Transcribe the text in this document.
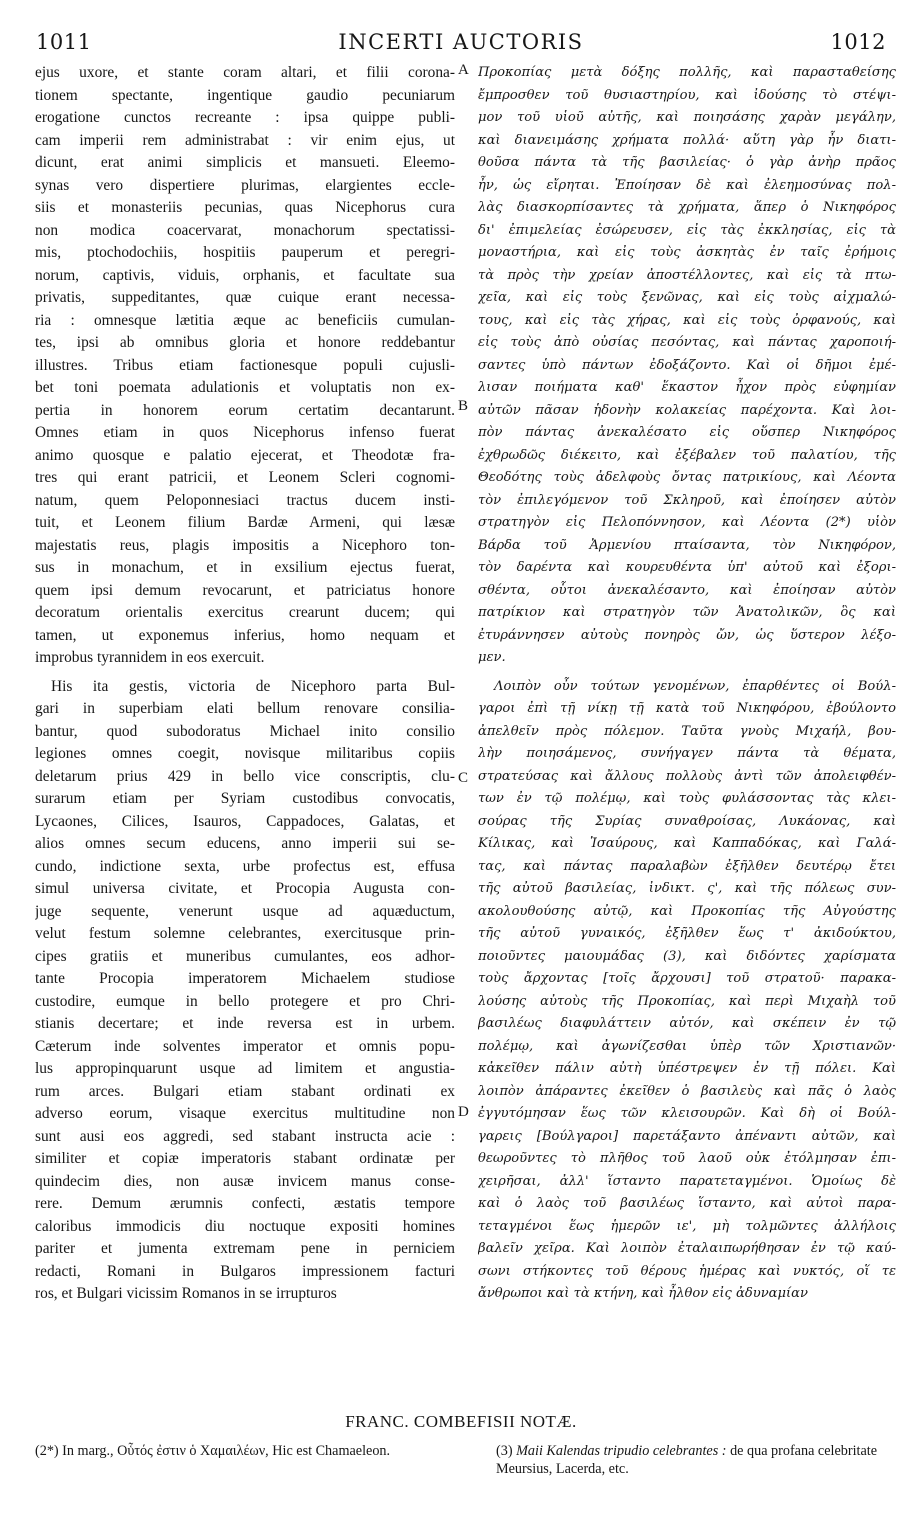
1011	INCERTI AUCTORIS	1012
ejus uxore, et stante coram altari, et filii corona-
tionem spectante, ingentique gaudio pecuniarum
erogatione cunctos recreante : ipsa quippe publi-
cam imperii rem administrabat : vir enim ejus, ut
dicunt, erat animi simplicis et mansueti. Eleemo-
synas vero dispertiere plurimas, elargientes eccle-
siis et monasteriis pecunias, quas Nicephorus cura
non modica coacervarat, monachorum spectatissi-
mis, ptochodochiis, hospitiis pauperum et peregri-
norum, captivis, viduis, orphanis, et facultate sua
privatis, suppeditantes, quæ cuique erant necessa-
ria : omnesque lætitia æque ac beneficiis cumulan-
tes, ipsi ab omnibus gloria et honore reddebantur
illustres. Tribus etiam factionesque populi cujusli-
bet toni poemata adulationis et voluptatis non ex-
pertia in honorem eorum certatim decantarunt.
Omnes etiam in quos Nicephorus infenso fuerat
animo quosque e palatio ejecerat, et Theodotæ fra-
tres qui erant patricii, et Leonem Scleri cognomi-
natum, quem Peloponnesiaci tractus ducem insti-
tuit, et Leonem filium Bardæ Armeni, qui læsæ
majestatis reus, plagis impositis a Nicephoro ton-
sus in monachum, et in exsilium ejectus fuerat,
quem ipsi demum revocarunt, et patriciatus honore
decoratum orientalis exercitus crearunt ducem; qui
tamen, ut exponemus inferius, homo nequam et
improbus tyrannidem in eos exercuit.
His ita gestis, victoria de Nicephoro parta Bul-
gari in superbiam elati bellum renovare consilia-
bantur, quod subodoratus Michael inito consilio
legiones omnes coegit, novisque militaribus copiis
deletarum prius 429 in bello vice conscriptis, clu-
surarum etiam per Syriam custodibus convocatis,
Lycaones, Cilices, Isauros, Cappadoces, Galatas, et
alios omnes secum educens, anno imperii sui se-
cundo, indictione sexta, urbe profectus est, effusa
simul universa civitate, et Procopia Augusta con-
juge sequente, venerunt usque ad aquæductum,
velut festum solemne celebrantes, exercitusque prin-
cipes gratiis et muneribus cumulantes, eos adhor-
tante Procopia imperatorem Michaelem studiose
custodire, eumque in bello protegere et pro Chri-
stianis decertare; et inde reversa est in urbem.
Cæterum inde solventes imperator et omnis popu-
lus appropinquarunt usque ad limitem et angustia-
rum arces. Bulgari etiam stabant ordinati ex
adverso eorum, visaque exercitus multitudine non
sunt ausi eos aggredi, sed stabant instructa acie :
similiter et copiæ imperatoris stabant ordinatæ per
quindecim dies, non ausæ invicem manus conse-
rere. Demum ærumnis confecti, æstatis tempore
caloribus immodicis diu noctuque expositi homines
pariter et jumenta extremam pene in perniciem
redacti, Romani in Bulgaros impressionem facturi
ros, et Bulgari vicissim Romanos in se irrupturos
Προκοπίας μετὰ δόξης πολλῆς, καὶ παρασταθείσης
ἔμπροσθεν τοῦ θυσιαστηρίου, καὶ ἰδούσης τὸ στέψι-
μον τοῦ υἱοῦ αὐτῆς, καὶ ποιησάσης χαρὰν μεγάλην,
καὶ διανειμάσης χρήματα πολλά· αὕτη γὰρ ἦν διατι-
θοῦσα πάντα τὰ τῆς βασιλείας· ὁ γὰρ ἀνὴρ πρᾶος
ἦν, ὡς εἴρηται. Ἐποίησαν δὲ καὶ ἐλεημοσύνας πολ-
λὰς διασκορπίσαντες τὰ χρήματα, ἅπερ ὁ Νικηφόρος
δι' ἐπιμελείας ἐσώρευσεν, εἰς τὰς ἐκκλησίας, εἰς τὰ
μοναστήρια, καὶ εἰς τοὺς ἀσκητὰς ἐν ταῖς ἐρήμοις
τὰ πρὸς τὴν χρείαν ἀποστέλλοντες, καὶ εἰς τὰ πτω-
χεῖα, καὶ εἰς τοὺς ξενῶνας, καὶ εἰς τοὺς αἰχμαλώ-
τους, καὶ εἰς τὰς χήρας, καὶ εἰς τοὺς ὀρφανούς, καὶ
εἰς τοὺς ἀπὸ οὐσίας πεσόντας, καὶ πάντας χαροποιή-
σαντες ὑπὸ πάντων ἐδοξάζοντο. Καὶ οἱ δῆμοι ἐμέ-
λισαν ποιήματα καθ' ἕκαστον ἦχον πρὸς εὐφημίαν
αὐτῶν πᾶσαν ἡδονὴν κολακείας παρέχοντα. Καὶ λοι-
πὸν πάντας ἀνεκαλέσατο εἰς οὕσπερ Νικηφόρος
ἐχθρωδῶς διέκειτο, καὶ ἐξέβαλεν τοῦ παλατίου, τῆς
Θεοδότης τοὺς ἀδελφοὺς ὄντας πατρικίους, καὶ Λέοντα
τὸν ἐπιλεγόμενον τοῦ Σκληροῦ, καὶ ἐποίησεν αὐτὸν
στρατηγὸν εἰς Πελοπόννησον, καὶ Λέοντα (2*) υἱὸν
Βάρδα τοῦ Ἀρμενίου πταίσαντα, τὸν Νικηφόρον,
τὸν δαρέντα καὶ κουρευθέντα ὑπ' αὐτοῦ καὶ ἐξορι-
σθέντα, οὗτοι ἀνεκαλέσαντο, καὶ ἐποίησαν αὐτὸν
πατρίκιον καὶ στρατηγὸν τῶν Ἀνατολικῶν, ὃς καὶ
ἐτυράννησεν αὐτοὺς πονηρὸς ὤν, ὡς ὕστερον λέξο-
μεν.
Λοιπὸν οὖν τούτων γενομένων, ἐπαρθέντες οἱ Βούλ-
γαροι ἐπὶ τῇ νίκῃ τῇ κατὰ τοῦ Νικηφόρου, ἐβούλοντο
ἀπελθεῖν πρὸς πόλεμον. Ταῦτα γνοὺς Μιχαήλ, βου-
λὴν ποιησάμενος, συνήγαγεν πάντα τὰ θέματα,
στρατεύσας καὶ ἄλλους πολλοὺς ἀντὶ τῶν ἀπολειφθέν-
των ἐν τῷ πολέμῳ, καὶ τοὺς φυλάσσοντας τὰς κλει-
σούρας τῆς Συρίας συναθροίσας, Λυκάονας, καὶ
Κίλικας, καὶ Ἰσαύρους, καὶ Καππαδόκας, καὶ Γαλά-
τας, καὶ πάντας παραλαβὼν ἐξῆλθεν δευτέρῳ ἔτει
τῆς αὐτοῦ βασιλείας, ἰνδικτ. ς', καὶ τῆς πόλεως συν-
ακολουθούσης αὐτῷ, καὶ Προκοπίας τῆς Αὐγούστης
τῆς αὐτοῦ γυναικός, ἐξῆλθεν ἕως τ' ἀκιδούκτου,
ποιοῦντες μαιουμάδας (3), καὶ διδόντες χαρίσματα
τοὺς ἄρχοντας [τοῖς ἄρχουσι] τοῦ στρατοῦ· παρακα-
λούσης αὐτοὺς τῆς Προκοπίας, καὶ περὶ Μιχαὴλ τοῦ
βασιλέως διαφυλάττειν αὐτόν, καὶ σκέπειν ἐν τῷ
πολέμῳ, καὶ ἀγωνίζεσθαι ὑπὲρ τῶν Χριστιανῶν·
κἀκεῖθεν πάλιν αὐτὴ ὑπέστρεψεν ἐν τῇ πόλει. Καὶ
λοιπὸν ἀπάραντες ἐκεῖθεν ὁ βασιλεὺς καὶ πᾶς ὁ λαὸς
ἐγγυτόμησαν ἕως τῶν κλεισουρῶν. Καὶ δὴ οἱ Βούλ-
γαρεις [Βούλγαροι] παρετάξαντο ἀπέναντι αὐτῶν, καὶ
θεωροῦντες τὸ πλῆθος τοῦ λαοῦ οὐκ ἐτόλμησαν ἐπι-
χειρῆσαι, ἀλλ' ἵσταντο παρατεταγμένοι. Ὁμοίως δὲ
καὶ ὁ λαὸς τοῦ βασιλέως ἵσταντο, καὶ αὐτοὶ παρα-
τεταγμένοι ἕως ἡμερῶν ιε', μὴ τολμῶντες ἀλλήλοις
βαλεῖν χεῖρα. Καὶ λοιπὸν ἐταλαιπωρήθησαν ἐν τῷ καύ-
σωνι στήκοντες τοῦ θέρους ἡμέρας καὶ νυκτός, οἵ τε
ἄνθρωποι καὶ τὰ κτήνη, καὶ ἦλθον εἰς ἀδυναμίαν
A
B
C
D
FRANC. COMBEFISII NOTÆ.
(2*) In marg., Οὗτός ἐστιν ὁ Χαμαιλέων, Hic est Chamaeleon.	(3) Maii Kalendas tripudio celebrantes : de qua profana celebritate Meursius, Lacerda, etc.
